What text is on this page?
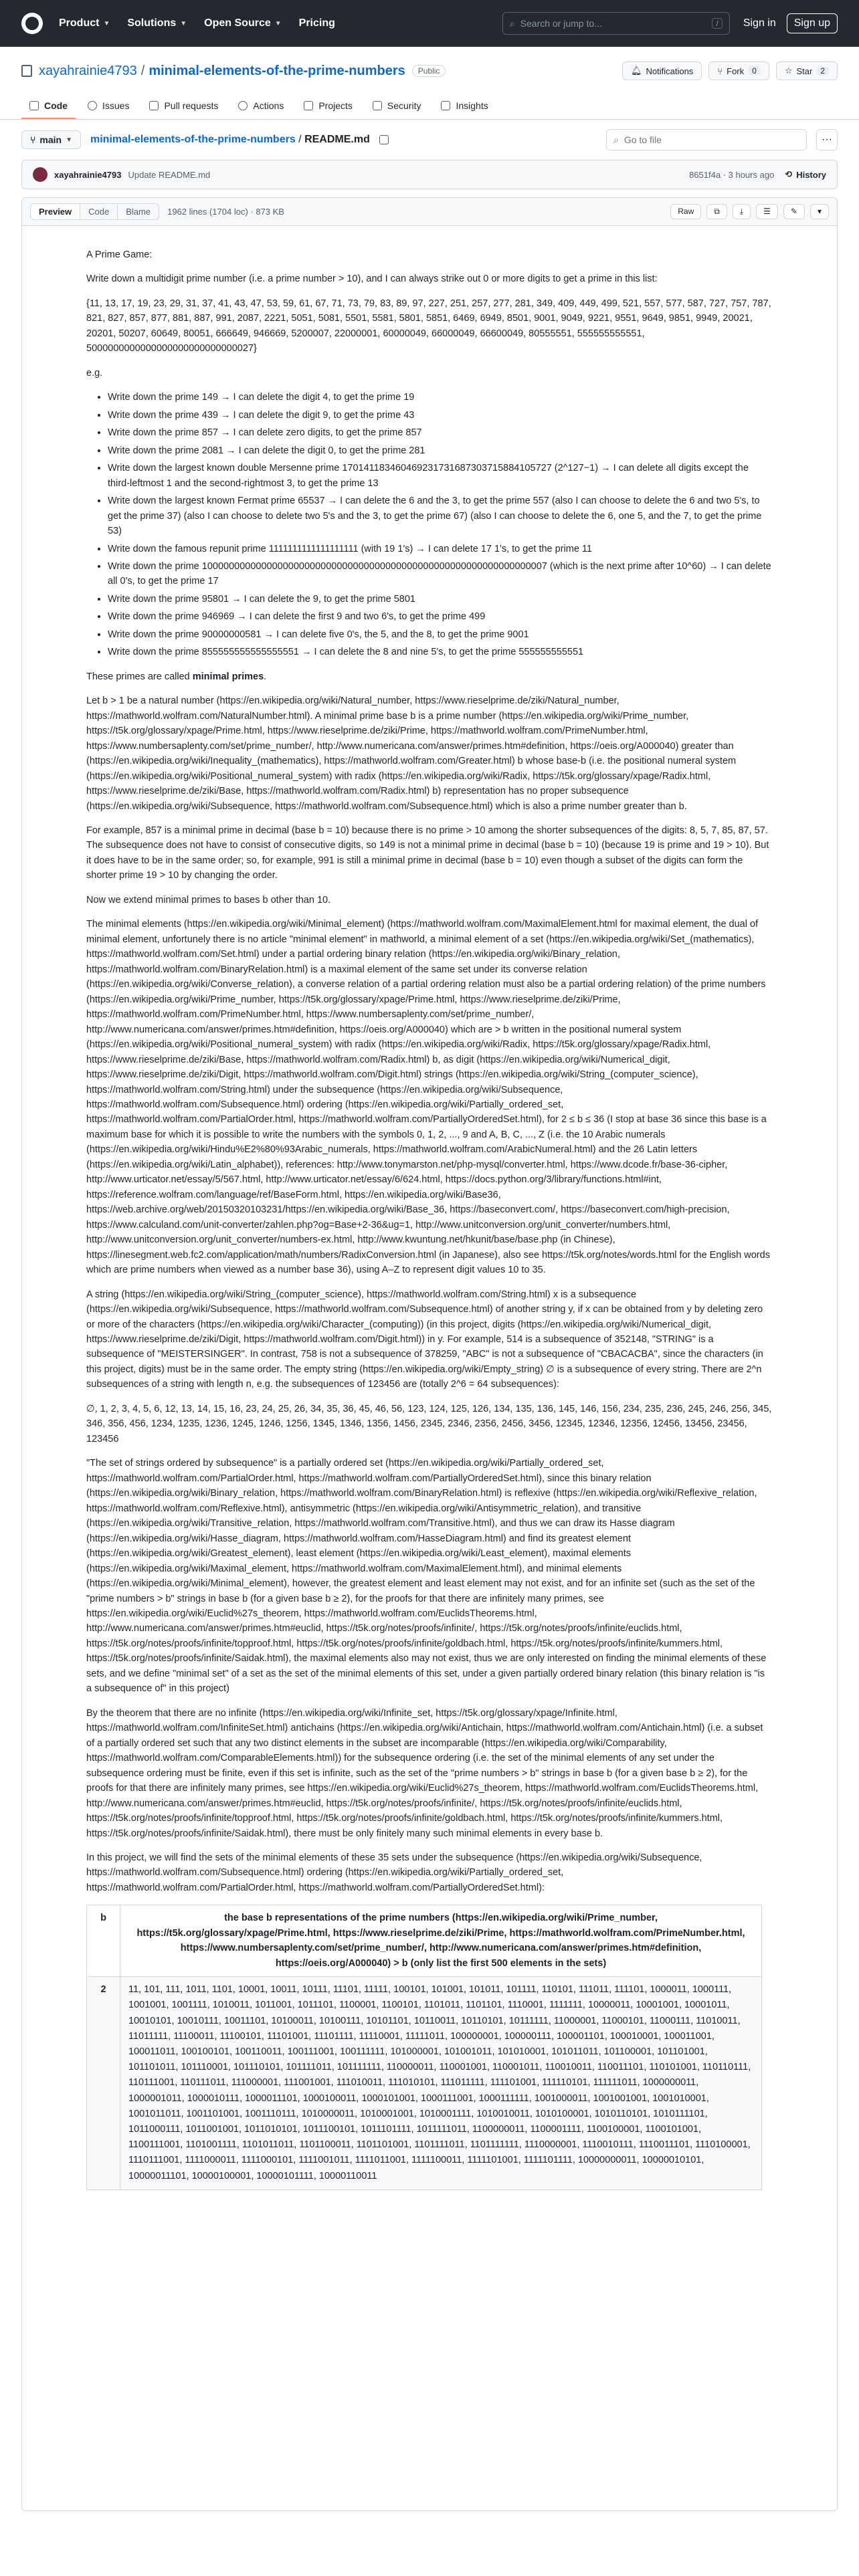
Product ▼ Solutions ▼ Open Source ▼ Pricing	⌕ Search or jump to...	/	Sign in	Sign up
xayahrainie4793 / minimal-elements-of-the-prime-numbers	Public	🔔︎ Notifications	⑂ Fork	0	☆ Star	2
Code	Issues	Pull requests	Actions	Projects	Security	Insights
⑂ main ▼ minimal-elements-of-the-prime-numbers / README.md	⌕ Go to file	···
xayahrainie4793 Update README.md	8651f4a · 3 hours ago ⟲ History
Preview	Code	Blame	1962 lines (1704 loc) · 873 KB	Raw	⧉	⤓	☰	✎	▾

A Prime Game:

Write down a multidigit prime number (i.e. a prime number > 10), and I can always strike out 0 or more digits to get a prime in this list:

{11, 13, 17, 19, 23, 29, 31, 37, 41, 43, 47, 53, 59, 61, 67, 71, 73, 79, 83, 89, 97, 227, 251, 257, 277, 281, 349, 409, 449, 499, 521, 557, 577, 587, 727, 757, 787, 821, 827, 857, 877, 881, 887, 991, 2087, 2221, 5051, 5081, 5501, 5581, 5801, 5851, 6469, 6949, 8501, 9001, 9049, 9221, 9551, 9649, 9851, 9949, 20021, 20201, 50207, 60649, 80051, 666649, 946669, 5200007, 22000001, 60000049, 66000049, 66600049, 80555551, 555555555551, 5000000000000000000000000000027}

e.g.

• Write down the prime 149 → I can delete the digit 4, to get the prime 19
• Write down the prime 439 → I can delete the digit 9, to get the prime 43
• Write down the prime 857 → I can delete zero digits, to get the prime 857
• Write down the prime 2081 → I can delete the digit 0, to get the prime 281
• Write down the largest known double Mersenne prime 170141183460469231731687303715884105727 (2^127−1) → I can delete all digits except the third-leftmost 1 and the second-rightmost 3, to get the prime 13
• Write down the largest known Fermat prime 65537 → I can delete the 6 and the 3, to get the prime 557 (also I can choose to delete the 6 and two 5's, to get the prime 37) (also I can choose to delete two 5's and the 3, to get the prime 67) (also I can choose to delete the 6, one 5, and the 7, to get the prime 53)
• Write down the famous repunit prime 1111111111111111111 (with 19 1's) → I can delete 17 1's, to get the prime 11
• Write down the prime 1000000000000000000000000000000000000000000000000000000000000007 (which is the next prime after 10^60) → I can delete all 0's, to get the prime 17
• Write down the prime 95801 → I can delete the 9, to get the prime 5801
• Write down the prime 946969 → I can delete the first 9 and two 6's, to get the prime 499
• Write down the prime 90000000581 → I can delete five 0's, the 5, and the 8, to get the prime 9001
• Write down the prime 855555555555555551 → I can delete the 8 and nine 5's, to get the prime 555555555551

These primes are called minimal primes.

Let b > 1 be a natural number (https://en.wikipedia.org/wiki/Natural_number, https://www.rieselprime.de/ziki/Natural_number, https://mathworld.wolfram.com/NaturalNumber.html). A minimal prime base b is a prime number (https://en.wikipedia.org/wiki/Prime_number, https://t5k.org/glossary/xpage/Prime.html, https://www.rieselprime.de/ziki/Prime, https://mathworld.wolfram.com/PrimeNumber.html, https://www.numbersaplenty.com/set/prime_number/, http://www.numericana.com/answer/primes.htm#definition, https://oeis.org/A000040) greater than (https://en.wikipedia.org/wiki/Inequality_(mathematics), https://mathworld.wolfram.com/Greater.html) b whose base-b (i.e. the positional numeral system (https://en.wikipedia.org/wiki/Positional_numeral_system) with radix (https://en.wikipedia.org/wiki/Radix, https://t5k.org/glossary/xpage/Radix.html, https://www.rieselprime.de/ziki/Base, https://mathworld.wolfram.com/Radix.html) b) representation has no proper subsequence (https://en.wikipedia.org/wiki/Subsequence, https://mathworld.wolfram.com/Subsequence.html) which is also a prime number greater than b.

For example, 857 is a minimal prime in decimal (base b = 10) because there is no prime > 10 among the shorter subsequences of the digits: 8, 5, 7, 85, 87, 57. The subsequence does not have to consist of consecutive digits, so 149 is not a minimal prime in decimal (base b = 10) (because 19 is prime and 19 > 10). But it does have to be in the same order; so, for example, 991 is still a minimal prime in decimal (base b = 10) even though a subset of the digits can form the shorter prime 19 > 10 by changing the order.

Now we extend minimal primes to bases b other than 10.

The minimal elements (https://en.wikipedia.org/wiki/Minimal_element) (https://mathworld.wolfram.com/MaximalElement.html for maximal element, the dual of minimal element, unfortunely there is no article "minimal element" in mathworld, a minimal element of a set (https://en.wikipedia.org/wiki/Set_(mathematics), https://mathworld.wolfram.com/Set.html) under a partial ordering binary relation (https://en.wikipedia.org/wiki/Binary_relation, https://mathworld.wolfram.com/BinaryRelation.html) is a maximal element of the same set under its converse relation (https://en.wikipedia.org/wiki/Converse_relation), a converse relation of a partial ordering relation must also be a partial ordering relation) of the prime numbers (https://en.wikipedia.org/wiki/Prime_number, https://t5k.org/glossary/xpage/Prime.html, https://www.rieselprime.de/ziki/Prime, https://mathworld.wolfram.com/PrimeNumber.html, https://www.numbersaplenty.com/set/prime_number/, http://www.numericana.com/answer/primes.htm#definition, https://oeis.org/A000040) which are > b written in the positional numeral system (https://en.wikipedia.org/wiki/Positional_numeral_system) with radix (https://en.wikipedia.org/wiki/Radix, https://t5k.org/glossary/xpage/Radix.html, https://www.rieselprime.de/ziki/Base, https://mathworld.wolfram.com/Radix.html) b, as digit (https://en.wikipedia.org/wiki/Numerical_digit, https://www.rieselprime.de/ziki/Digit, https://mathworld.wolfram.com/Digit.html) strings (https://en.wikipedia.org/wiki/String_(computer_science), https://mathworld.wolfram.com/String.html) under the subsequence (https://en.wikipedia.org/wiki/Subsequence, https://mathworld.wolfram.com/Subsequence.html) ordering (https://en.wikipedia.org/wiki/Partially_ordered_set, https://mathworld.wolfram.com/PartialOrder.html, https://mathworld.wolfram.com/PartiallyOrderedSet.html), for 2 ≤ b ≤ 36 (I stop at base 36 since this base is a maximum base for which it is possible to write the numbers with the symbols 0, 1, 2, ..., 9 and A, B, C, ..., Z (i.e. the 10 Arabic numerals (https://en.wikipedia.org/wiki/Hindu%E2%80%93Arabic_numerals, https://mathworld.wolfram.com/ArabicNumeral.html) and the 26 Latin letters (https://en.wikipedia.org/wiki/Latin_alphabet)), references: http://www.tonymarston.net/php-mysql/converter.html, https://www.dcode.fr/base-36-cipher, http://www.urticator.net/essay/5/567.html, http://www.urticator.net/essay/6/624.html, https://docs.python.org/3/library/functions.html#int, https://reference.wolfram.com/language/ref/BaseForm.html, https://en.wikipedia.org/wiki/Base36, https://web.archive.org/web/20150320103231/https://en.wikipedia.org/wiki/Base_36, https://baseconvert.com/, https://baseconvert.com/high-precision, https://www.calculand.com/unit-converter/zahlen.php?og=Base+2-36&ug=1, http://www.unitconversion.org/unit_converter/numbers.html, http://www.unitconversion.org/unit_converter/numbers-ex.html, http://www.kwuntung.net/hkunit/base/base.php (in Chinese), https://linesegment.web.fc2.com/application/math/numbers/RadixConversion.html (in Japanese), also see https://t5k.org/notes/words.html for the English words which are prime numbers when viewed as a number base 36), using A–Z to represent digit values 10 to 35.

A string (https://en.wikipedia.org/wiki/String_(computer_science), https://mathworld.wolfram.com/String.html) x is a subsequence (https://en.wikipedia.org/wiki/Subsequence, https://mathworld.wolfram.com/Subsequence.html) of another string y, if x can be obtained from y by deleting zero or more of the characters (https://en.wikipedia.org/wiki/Character_(computing)) (in this project, digits (https://en.wikipedia.org/wiki/Numerical_digit, https://www.rieselprime.de/ziki/Digit, https://mathworld.wolfram.com/Digit.html)) in y. For example, 514 is a subsequence of 352148, "STRING" is a subsequence of "MEISTERSINGER". In contrast, 758 is not a subsequence of 378259, "ABC" is not a subsequence of "CBACACBA", since the characters (in this project, digits) must be in the same order. The empty string (https://en.wikipedia.org/wiki/Empty_string) ∅ is a subsequence of every string. There are 2^n subsequences of a string with length n, e.g. the subsequences of 123456 are (totally 2^6 = 64 subsequences):

∅, 1, 2, 3, 4, 5, 6, 12, 13, 14, 15, 16, 23, 24, 25, 26, 34, 35, 36, 45, 46, 56, 123, 124, 125, 126, 134, 135, 136, 145, 146, 156, 234, 235, 236, 245, 246, 256, 345, 346, 356, 456, 1234, 1235, 1236, 1245, 1246, 1256, 1345, 1346, 1356, 1456, 2345, 2346, 2356, 2456, 3456, 12345, 12346, 12356, 12456, 13456, 23456, 123456

"The set of strings ordered by subsequence" is a partially ordered set (https://en.wikipedia.org/wiki/Partially_ordered_set, https://mathworld.wolfram.com/PartialOrder.html, https://mathworld.wolfram.com/PartiallyOrderedSet.html), since this binary relation (https://en.wikipedia.org/wiki/Binary_relation, https://mathworld.wolfram.com/BinaryRelation.html) is reflexive (https://en.wikipedia.org/wiki/Reflexive_relation, https://mathworld.wolfram.com/Reflexive.html), antisymmetric (https://en.wikipedia.org/wiki/Antisymmetric_relation), and transitive (https://en.wikipedia.org/wiki/Transitive_relation, https://mathworld.wolfram.com/Transitive.html), and thus we can draw its Hasse diagram (https://en.wikipedia.org/wiki/Hasse_diagram, https://mathworld.wolfram.com/HasseDiagram.html) and find its greatest element (https://en.wikipedia.org/wiki/Greatest_element), least element (https://en.wikipedia.org/wiki/Least_element), maximal elements (https://en.wikipedia.org/wiki/Maximal_element, https://mathworld.wolfram.com/MaximalElement.html), and minimal elements (https://en.wikipedia.org/wiki/Minimal_element), however, the greatest element and least element may not exist, and for an infinite set (such as the set of the "prime numbers > b" strings in base b (for a given base b ≥ 2), for the proofs for that there are infinitely many primes, see https://en.wikipedia.org/wiki/Euclid%27s_theorem, https://mathworld.wolfram.com/EuclidsTheorems.html, http://www.numericana.com/answer/primes.htm#euclid, https://t5k.org/notes/proofs/infinite/, https://t5k.org/notes/proofs/infinite/euclids.html, https://t5k.org/notes/proofs/infinite/topproof.html, https://t5k.org/notes/proofs/infinite/goldbach.html, https://t5k.org/notes/proofs/infinite/kummers.html, https://t5k.org/notes/proofs/infinite/Saidak.html), the maximal elements also may not exist, thus we are only interested on finding the minimal elements of these sets, and we define "minimal set" of a set as the set of the minimal elements of this set, under a given partially ordered binary relation (this binary relation is "is a subsequence of" in this project)

By the theorem that there are no infinite (https://en.wikipedia.org/wiki/Infinite_set, https://t5k.org/glossary/xpage/Infinite.html, https://mathworld.wolfram.com/InfiniteSet.html) antichains (https://en.wikipedia.org/wiki/Antichain, https://mathworld.wolfram.com/Antichain.html) (i.e. a subset of a partially ordered set such that any two distinct elements in the subset are incomparable (https://en.wikipedia.org/wiki/Comparability, https://mathworld.wolfram.com/ComparableElements.html)) for the subsequence ordering (i.e. the set of the minimal elements of any set under the subsequence ordering must be finite, even if this set is infinite, such as the set of the "prime numbers > b" strings in base b (for a given base b ≥ 2), for the proofs for that there are infinitely many primes, see https://en.wikipedia.org/wiki/Euclid%27s_theorem, https://mathworld.wolfram.com/EuclidsTheorems.html, http://www.numericana.com/answer/primes.htm#euclid, https://t5k.org/notes/proofs/infinite/, https://t5k.org/notes/proofs/infinite/euclids.html, https://t5k.org/notes/proofs/infinite/topproof.html, https://t5k.org/notes/proofs/infinite/goldbach.html, https://t5k.org/notes/proofs/infinite/kummers.html, https://t5k.org/notes/proofs/infinite/Saidak.html), there must be only finitely many such minimal elements in every base b.

In this project, we will find the sets of the minimal elements of these 35 sets under the subsequence (https://en.wikipedia.org/wiki/Subsequence, https://mathworld.wolfram.com/Subsequence.html) ordering (https://en.wikipedia.org/wiki/Partially_ordered_set, https://mathworld.wolfram.com/PartialOrder.html, https://mathworld.wolfram.com/PartiallyOrderedSet.html):

b	the base b representations of the prime numbers (https://en.wikipedia.org/wiki/Prime_number, https://t5k.org/glossary/xpage/Prime.html, https://www.rieselprime.de/ziki/Prime, https://mathworld.wolfram.com/PrimeNumber.html, https://www.numbersaplenty.com/set/prime_number/, http://www.numericana.com/answer/primes.htm#definition, https://oeis.org/A000040) > b (only list the first 500 elements in the sets)
2	11, 101, 111, 1011, 1101, 10001, 10011, 10111, 11101, 11111, 100101, 101001, 101011, 101111, 110101, 111011, 111101, 1000011, 1000111, 1001001, 1001111, 1010011, 1011001, 1011101, 1100001, 1100101, 1101011, 1101101, 1110001, 1111111, 10000011, 10001001, 10001011, 10010101, 10010111, 10011101, 10100011, 10100111, 10101101, 10110011, 10110101, 10111111, 11000001, 11000101, 11000111, 11010011, 11011111, 11100011, 11100101, 11101001, 11101111, 11110001, 11111011, 100000001, 100000111, 100001101, 100010001, 100011001, 100011011, 100100101, 100110011, 100111001, 100111111, 101000001, 101001011, 101010001, 101011011, 101100001, 101101001, 101101011, 101110001, 101110101, 101111011, 101111111, 110000011, 110001001, 110001011, 110010011, 110011101, 110101001, 110110111, 110111001, 110111011, 111000001, 111001001, 111010011, 111010101, 111011111, 111101001, 111110101, 111111011, 1000000011, 1000001011, 1000010111, 1000011101, 1000100011, 1000101001, 1000111001, 1000111111, 1001000011, 1001001001, 1001010001, 1001011011, 1001101001, 1001110111, 1010000011, 1010001001, 1010001111, 1010010011, 1010100001, 1010110101, 1010111101, 1011000111, 1011001001, 1011010101, 1011100101, 1011101111, 1011111011, 1100000011, 1100001111, 1100100001, 1100101001, 1100111001, 1101001111, 1101011011, 1101100011, 1101101001, 1101111011, 1101111111, 1110000001, 1110010111, 1110011101, 1110100001, 1110111001, 1111000011, 1111000101, 1111001011, 1111011001, 1111100011, 1111101001, 1111101111, 10000000011, 10000010101, 10000011101, 10000100001, 10000101111, 10000110011
